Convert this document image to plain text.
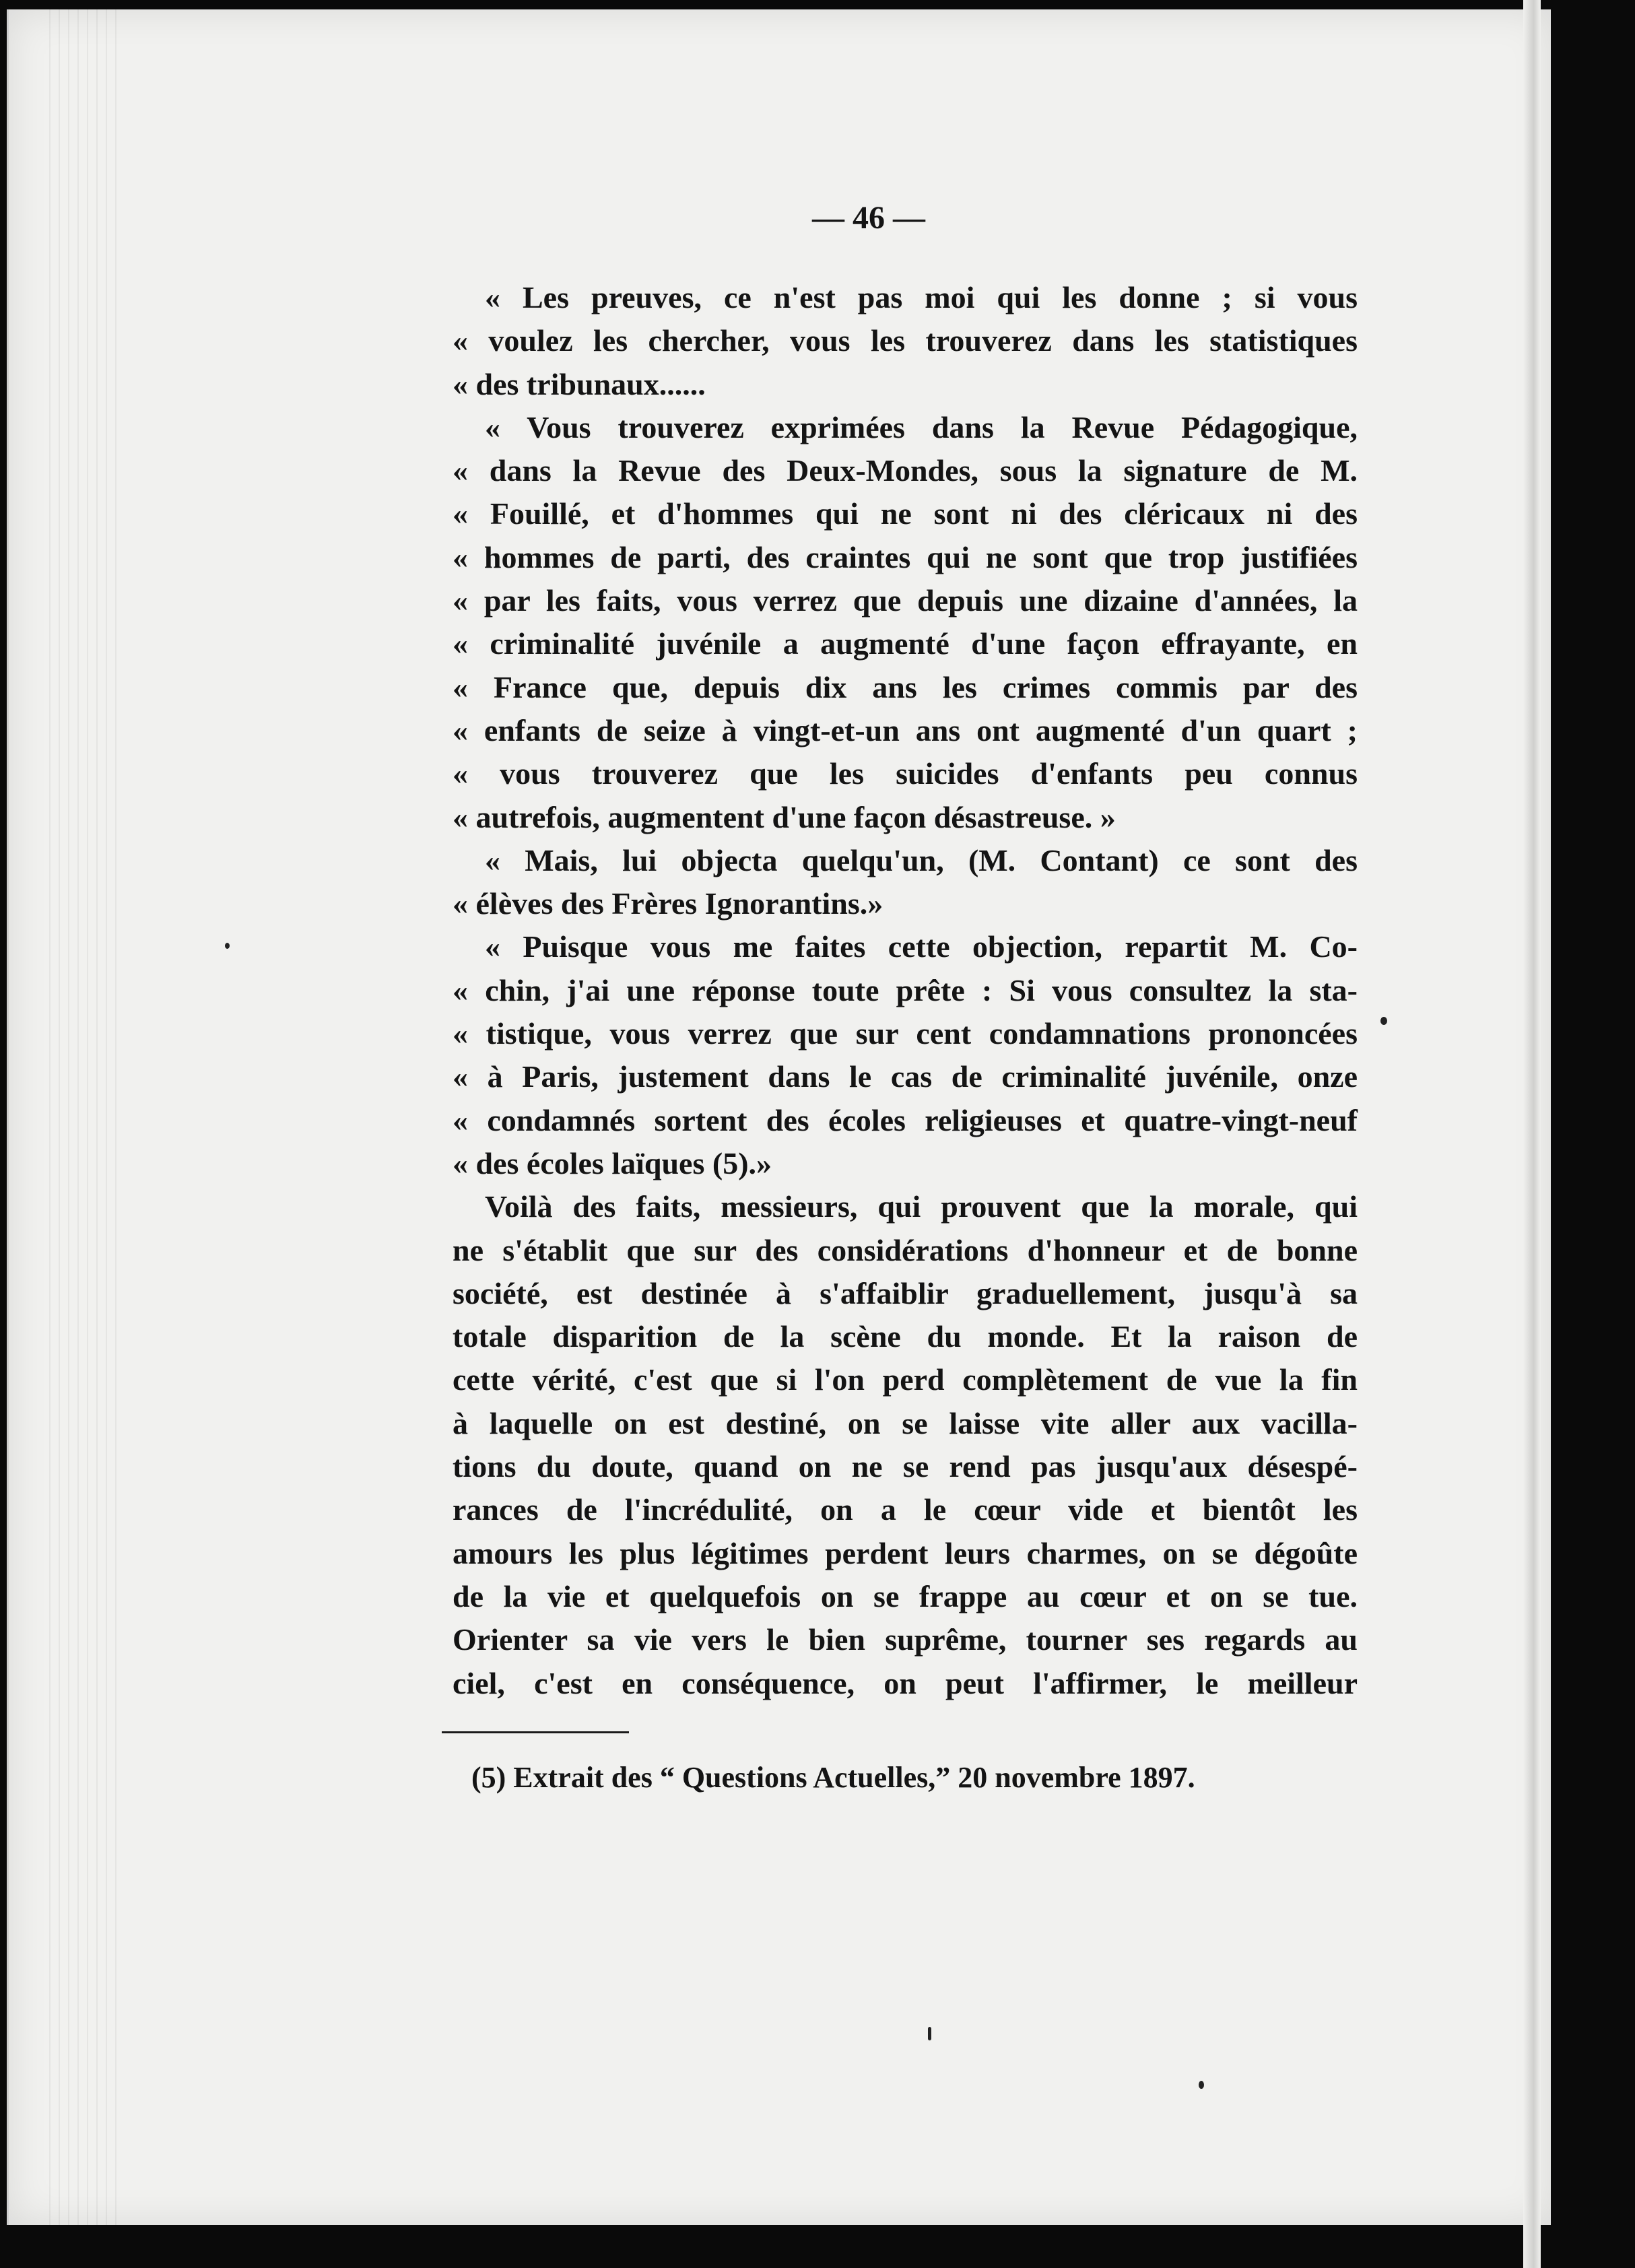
— 46 —
« Les preuves, ce n'est pas moi qui les donne ; si vous
« voulez les chercher, vous les trouverez dans les statistiques
« des tribunaux......
« Vous trouverez exprimées dans la Revue Pédagogique,
« dans la Revue des Deux-Mondes, sous la signature de M.
« Fouillé, et d'hommes qui ne sont ni des cléricaux ni des
« hommes de parti, des craintes qui ne sont que trop justifiées
« par les faits, vous verrez que depuis une dizaine d'années, la
« criminalité juvénile a augmenté d'une façon effrayante, en
« France que, depuis dix ans les crimes commis par des
« enfants de seize à vingt-et-un ans ont augmenté d'un quart ;
« vous trouverez que les suicides d'enfants peu connus
« autrefois, augmentent d'une façon désastreuse. »
« Mais, lui objecta quelqu'un, (M. Contant) ce sont des
« élèves des Frères Ignorantins.»
« Puisque vous me faites cette objection, repartit M. Co-
« chin, j'ai une réponse toute prête : Si vous consultez la sta-
« tistique, vous verrez que sur cent condamnations prononcées
« à Paris, justement dans le cas de criminalité juvénile, onze
« condamnés sortent des écoles religieuses et quatre-vingt-neuf
« des écoles laïques (5).»
Voilà des faits, messieurs, qui prouvent que la morale, qui
ne s'établit que sur des considérations d'honneur et de bonne
société, est destinée à s'affaiblir graduellement, jusqu'à sa
totale disparition de la scène du monde. Et la raison de
cette vérité, c'est que si l'on perd complètement de vue la fin
à laquelle on est destiné, on se laisse vite aller aux vacilla-
tions du doute, quand on ne se rend pas jusqu'aux désespé-
rances de l'incrédulité, on a le cœur vide et bientôt les
amours les plus légitimes perdent leurs charmes, on se dégoûte
de la vie et quelquefois on se frappe au cœur et on se tue.
Orienter sa vie vers le bien suprême, tourner ses regards au
ciel, c'est en conséquence, on peut l'affirmer, le meilleur
(5) Extrait des “ Questions Actuelles,” 20 novembre 1897.
